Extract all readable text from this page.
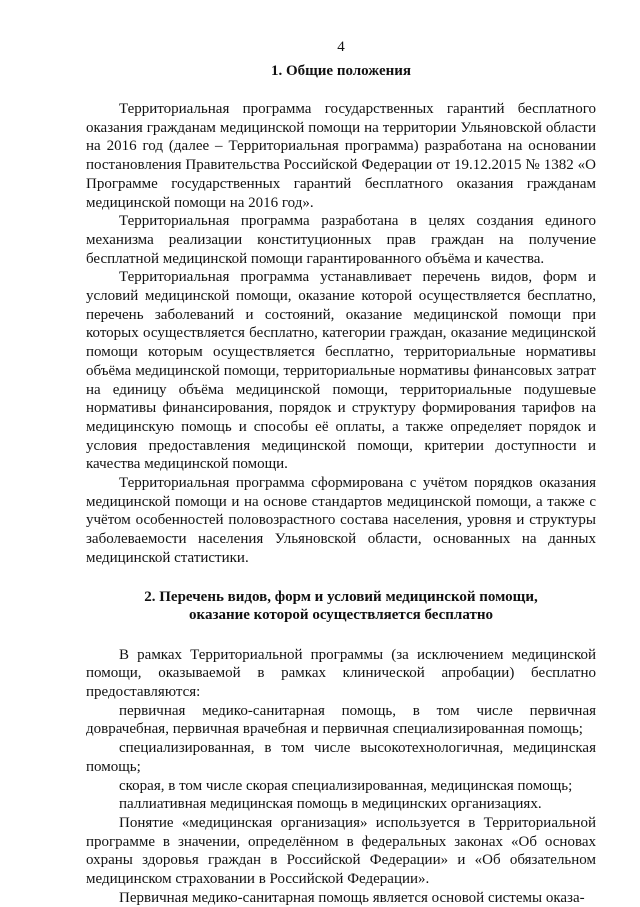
4
1. Общие положения

Территориальная программа государственных гарантий бесплатного оказания гражданам медицинской помощи на территории Ульяновской области на 2016 год (далее – Территориальная программа) разработана на основании постановления Правительства Российской Федерации от 19.12.2015 № 1382 «О Программе государственных гарантий бесплатного оказания гражданам медицинской помощи на 2016 год».

Территориальная программа разработана в целях создания единого механизма реализации конституционных прав граждан на получение бесплатной медицинской помощи гарантированного объёма и качества.

Территориальная программа устанавливает перечень видов, форм и условий медицинской помощи, оказание которой осуществляется бесплатно, перечень заболеваний и состояний, оказание медицинской помощи при которых осуществляется бесплатно, категории граждан, оказание медицинской помощи которым осуществляется бесплатно, территориальные нормативы объёма медицинской помощи, территориальные нормативы финансовых затрат на единицу объёма медицинской помощи, территориальные подушевые нормативы финансирования, порядок и структуру формирования тарифов на медицинскую помощь и способы её оплаты, а также определяет порядок и условия предоставления медицинской помощи, критерии доступности и качества медицинской помощи.

Территориальная программа сформирована с учётом порядков оказания медицинской помощи и на основе стандартов медицинской помощи, а также с учётом особенностей половозрастного состава населения, уровня и структуры заболеваемости населения Ульяновской области, основанных на данных медицинской статистики.

2. Перечень видов, форм и условий медицинской помощи,
оказание которой осуществляется бесплатно

В рамках Территориальной программы (за исключением медицинской помощи, оказываемой в рамках клинической апробации) бесплатно предоставляются:

первичная медико-санитарная помощь, в том числе первичная доврачебная, первичная врачебная и первичная специализированная помощь;

специализированная, в том числе высокотехнологичная, медицинская помощь;

скорая, в том числе скорая специализированная, медицинская помощь;

паллиативная медицинская помощь в медицинских организациях.

Понятие «медицинская организация» используется в Территориальной программе в значении, определённом в федеральных законах «Об основах охраны здоровья граждан в Российской Федерации» и «Об обязательном медицинском страховании в Российской Федерации».

Первичная медико-санитарная помощь является основой системы оказа-
